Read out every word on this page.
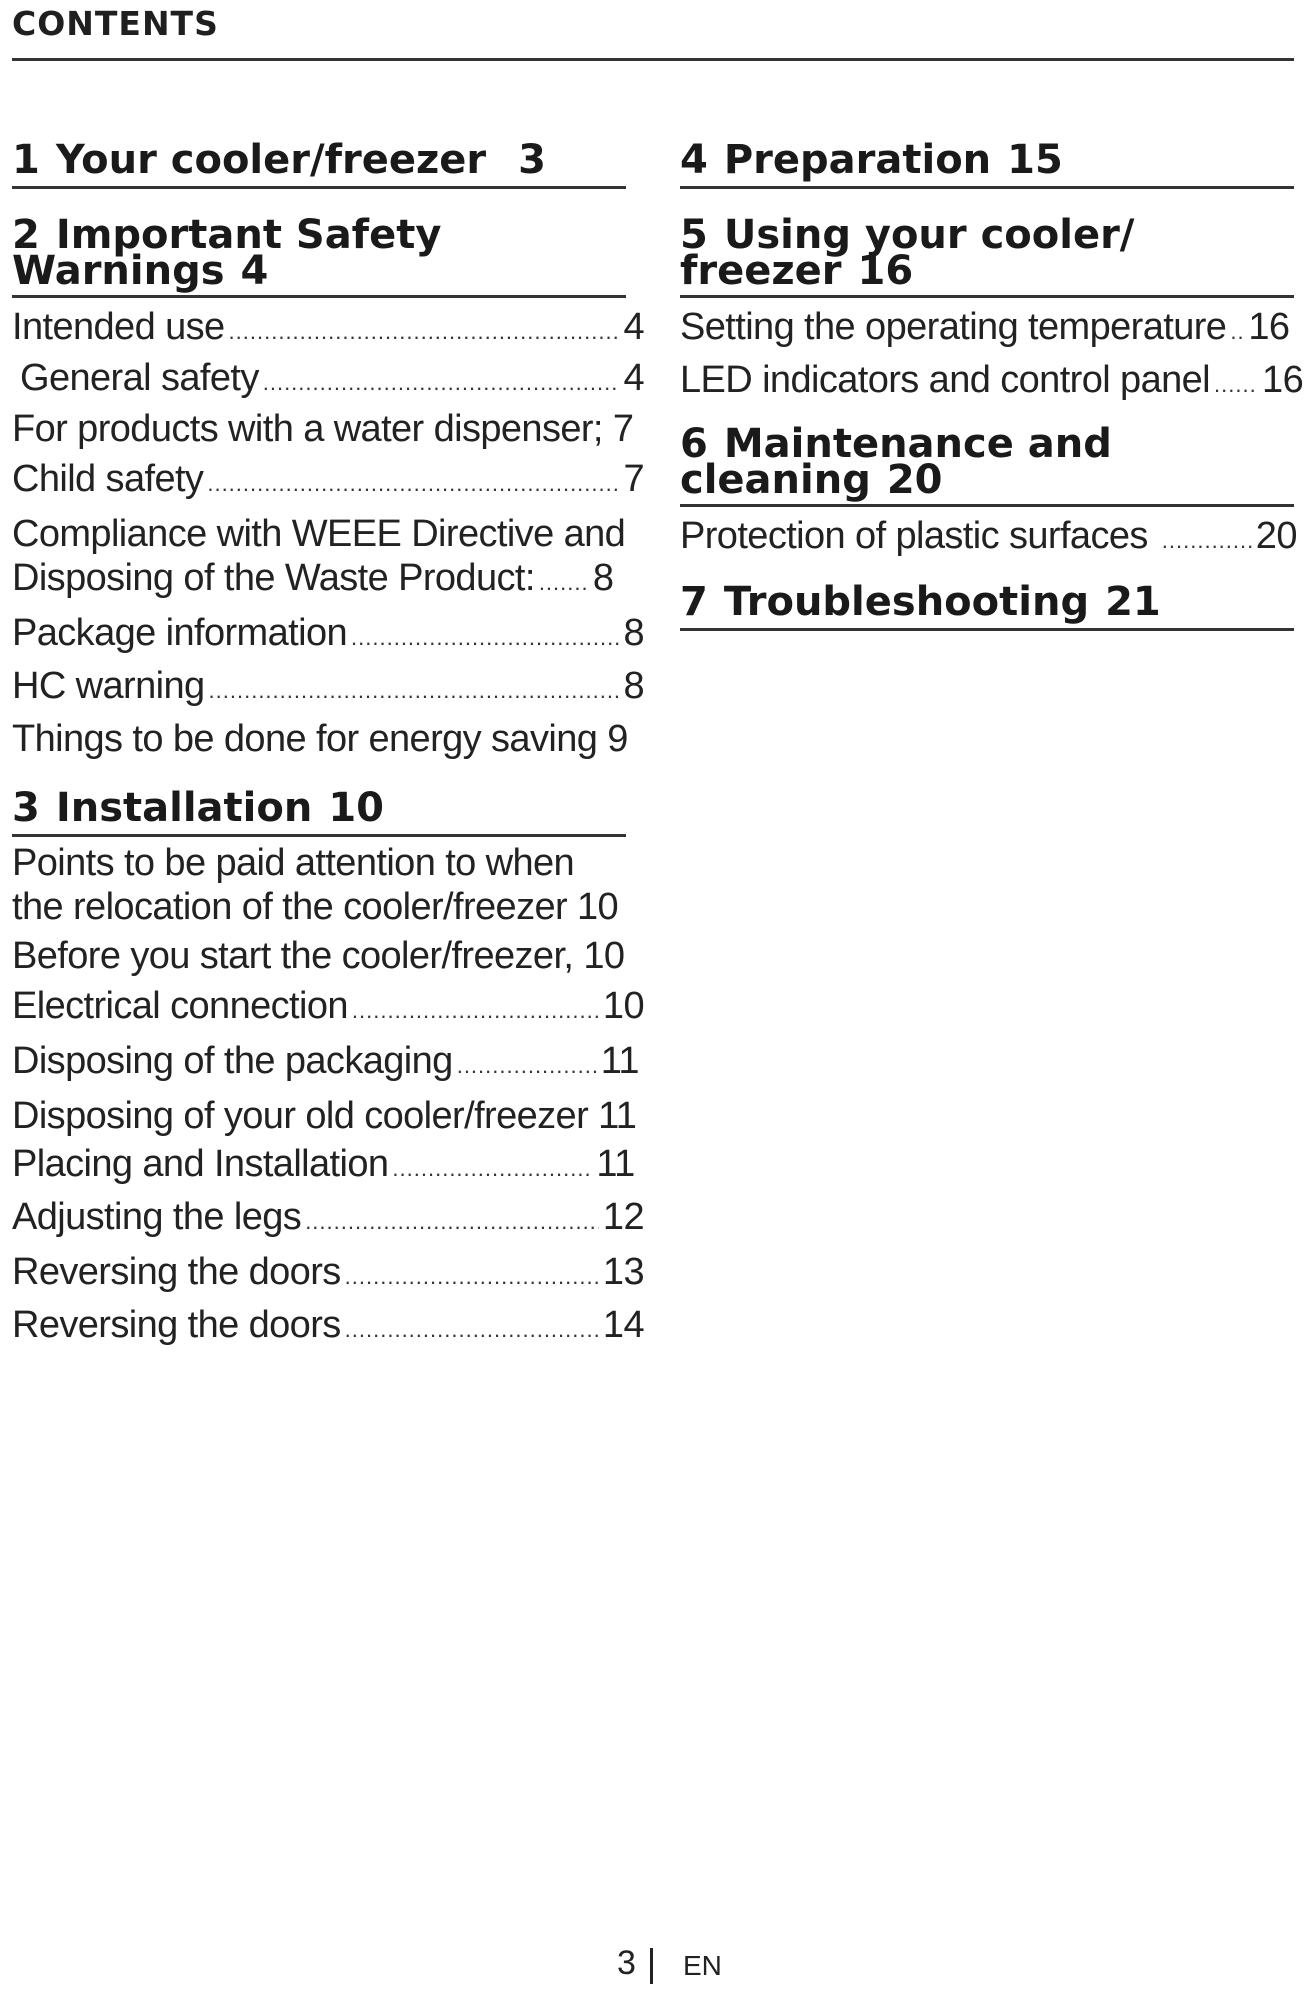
CONTENTS
1 Your cooler/freezer 3
2 Important Safety
Warnings 4
Intended use .....	4
General safety .....	4
For products with a water dispenser; 7
Child safety .....	7
Compliance with WEEE Directive and
Disposing of the Waste Product: ..... 8
Package information .....	8
HC warning .....	8
Things to be done for energy saving 9
3 Installation 10
Points to be paid attention to when
the relocation of the cooler/freezer 10
Before you start the cooler/freezer, 10
Electrical connection .....	10
Disposing of the packaging .....	11
Disposing of your old cooler/freezer 11
Placing and Installation .....	11
Adjusting the legs .....	12
Reversing the doors .....	13
Reversing the doors .....	14
4 Preparation 15
5 Using your cooler/
freezer 16
Setting the operating temperature ..... 16
LED indicators and control panel ..... 16
6 Maintenance and
cleaning 20
Protection of plastic surfaces .....	20
7 Troubleshooting 21
3 EN
